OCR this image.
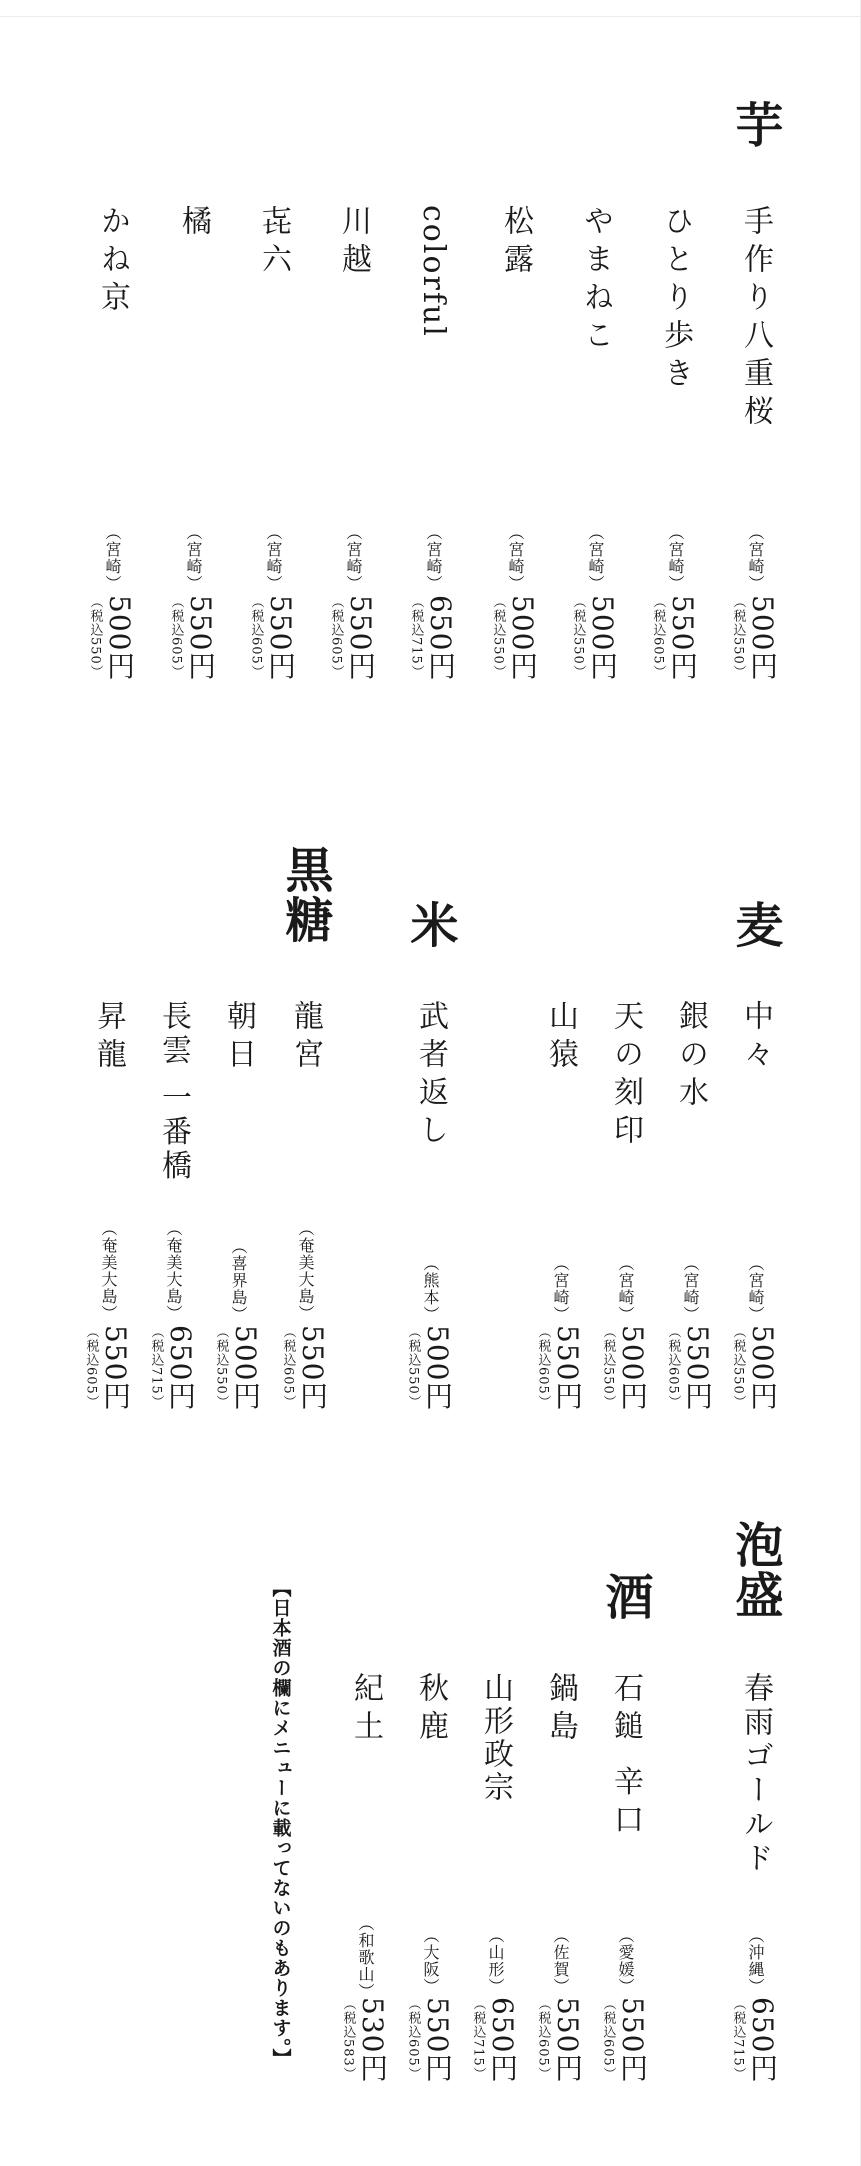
芋
手作り八重桜
（宮崎）
500円
（税込550）
ひとり歩き
（宮崎）
550円
（税込605）
やまねこ
（宮崎）
500円
（税込550）
松露
（宮崎）
500円
（税込550）
colorful
（宮崎）
650円
（税込715）
川越
（宮崎）
550円
（税込605）
㐂六
（宮崎）
550円
（税込605）
橘
（宮崎）
550円
（税込605）
かね京
（宮崎）
500円
（税込550）
麦
中々
（宮崎）
500円
（税込550）
銀の水
（宮崎）
550円
（税込605）
天の刻印
（宮崎）
500円
（税込550）
山猿
（宮崎）
550円
（税込605）
米
武者返し
（熊本）
500円
（税込550）
黒糖
龍宮
（奄美大島）
550円
（税込605）
朝日
（喜界島）
500円
（税込550）
長雲 一番橋
（奄美大島）
650円
（税込715）
昇龍
（奄美大島）
550円
（税込605）
泡盛
春雨ゴールド
（沖縄）
650円
（税込715）
酒
石鎚 辛口
（愛媛）
550円
（税込605）
鍋島
（佐賀）
550円
（税込605）
山形政宗
（山形）
650円
（税込715）
秋鹿
（大阪）
550円
（税込605）
紀土
（和歌山）
530円
（税込583）
【日本酒の欄にメニューに載ってないのもあります。】
